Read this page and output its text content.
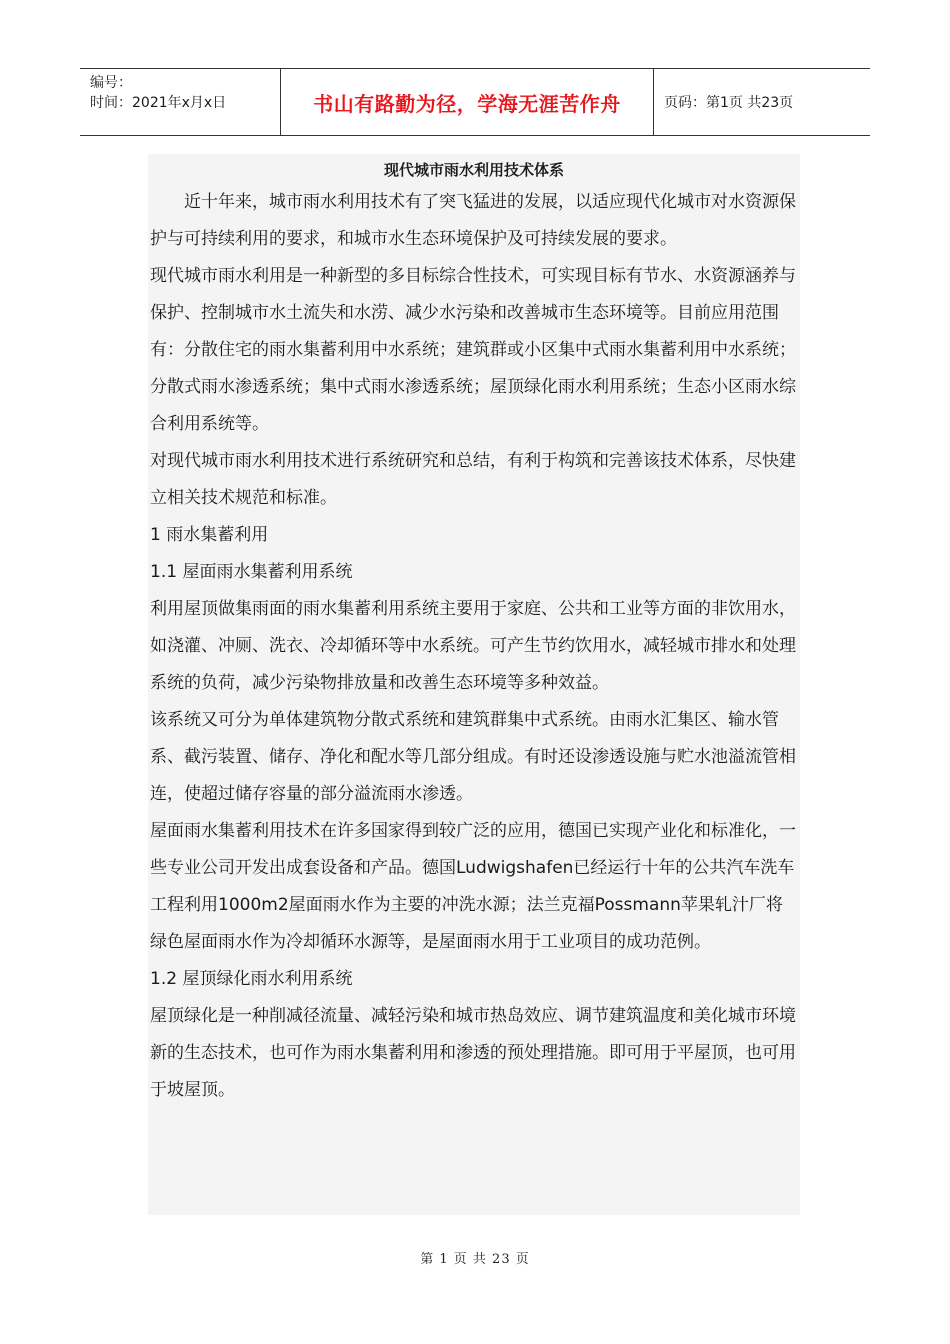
编号：
时间：2021年x月x日	书山有路勤为径，学海无涯苦作舟	页码：第1页 共23页
现代城市雨水利用技术体系

近十年来，城市雨水利用技术有了突飞猛进的发展，以适应现代化城市对水资源保护与可持续利用的要求，和城市水生态环境保护及可持续发展的要求。

现代城市雨水利用是一种新型的多目标综合性技术，可实现目标有节水、水资源涵养与保护、控制城市水土流失和水涝、减少水污染和改善城市生态环境等。目前应用范围有：分散住宅的雨水集蓄利用中水系统；建筑群或小区集中式雨水集蓄利用中水系统；分散式雨水渗透系统；集中式雨水渗透系统；屋顶绿化雨水利用系统；生态小区雨水综合利用系统等。

对现代城市雨水利用技术进行系统研究和总结，有利于构筑和完善该技术体系，尽快建立相关技术规范和标准。

1 雨水集蓄利用

1.1 屋面雨水集蓄利用系统

利用屋顶做集雨面的雨水集蓄利用系统主要用于家庭、公共和工业等方面的非饮用水，如浇灌、冲厕、洗衣、冷却循环等中水系统。可产生节约饮用水，减轻城市排水和处理系统的负荷，减少污染物排放量和改善生态环境等多种效益。

该系统又可分为单体建筑物分散式系统和建筑群集中式系统。由雨水汇集区、输水管系、截污装置、储存、净化和配水等几部分组成。有时还设渗透设施与贮水池溢流管相连，使超过储存容量的部分溢流雨水渗透。

屋面雨水集蓄利用技术在许多国家得到较广泛的应用，德国已实现产业化和标准化，一些专业公司开发出成套设备和产品。德国Ludwigshafen已经运行十年的公共汽车洗车工程利用1000m2屋面雨水作为主要的冲洗水源；法兰克福Possmann苹果轧汁厂将绿色屋面雨水作为冷却循环水源等，是屋面雨水用于工业项目的成功范例。

1.2 屋顶绿化雨水利用系统

屋顶绿化是一种削减径流量、减轻污染和城市热岛效应、调节建筑温度和美化城市环境新的生态技术，也可作为雨水集蓄利用和渗透的预处理措施。即可用于平屋顶，也可用于坡屋顶。

第 1 页 共 23 页
